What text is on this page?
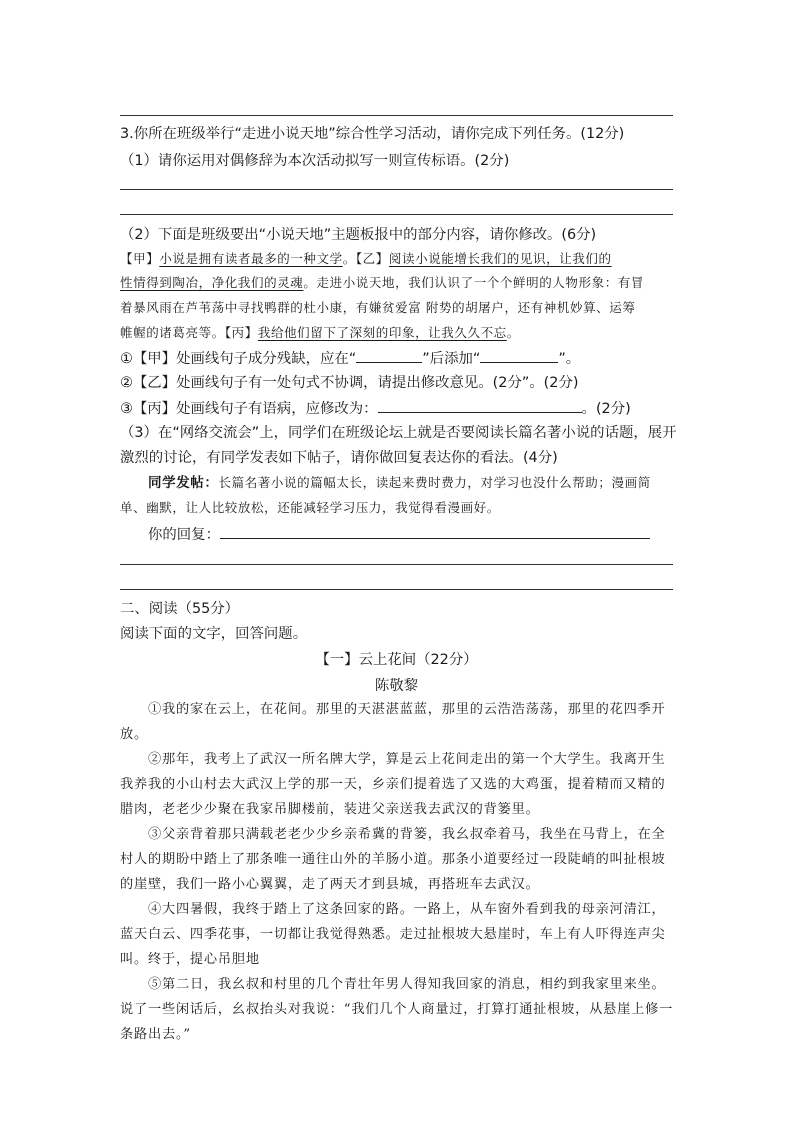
3.你所在班级举行“走进小说天地”综合性学习活动，请你完成下列任务。(12分)
（1）请你运用对偶修辞为本次活动拟写一则宣传标语。(2分)
（2）下面是班级要出“小说天地”主题板报中的部分内容，请你修改。(6分)
【甲】小说是拥有读者最多的一种文学。【乙】阅读小说能增长我们的见识，让我们的
性情得到陶冶，净化我们的灵魂。走进小说天地，我们认识了一个个鲜明的人物形象：有冒
着暴风雨在芦苇荡中寻找鸭群的杜小康，有嫌贫爱富 附势的胡屠户，还有神机妙算、运筹
帷幄的诸葛亮等。【丙】我给他们留下了深刻的印象，让我久久不忘。
①【甲】处画线句子成分残缺，应在“	”后添加“	”。
②【乙】处画线句子有一处句式不协调，请提出修改意见。(2分”。(2分)
③【丙】处画线句子有语病，应修改为：	。(2分)
（3）在“网络交流会”上，同学们在班级论坛上就是否要阅读长篇名著小说的话题，展开
激烈的讨论，有同学发表如下帖子，请你做回复表达你的看法。(4分)
同学发帖：长篇名著小说的篇幅太长，读起来费时费力，对学习也没什么帮助；漫画简
单、幽默，让人比较放松，还能减轻学习压力，我觉得看漫画好。
你的回复：
二、阅读（55分）
阅读下面的文字，回答问题。
【一】云上花间（22分）
陈敬黎

①我的家在云上，在花间。那里的天湛湛蓝蓝，那里的云浩浩荡荡，那里的花四季开放。

②那年，我考上了武汉一所名牌大学，算是云上花间走出的第一个大学生。我离开生我养我的小山村去大武汉上学的那一天，乡亲们提着选了又选的大鸡蛋，提着精而又精的腊肉，老老少少聚在我家吊脚楼前，装进父亲送我去武汉的背篓里。

③父亲背着那只满载老老少少乡亲希冀的背篓，我幺叔牵着马，我坐在马背上，在全村人的期盼中踏上了那条唯一通往山外的羊肠小道。那条小道要经过一段陡峭的叫扯根坡的崖壁，我们一路小心翼翼，走了两天才到县城，再搭班车去武汉。

④大四暑假，我终于踏上了这条回家的路。一路上，从车窗外看到我的母亲河清江，蓝天白云、四季花事，一切都让我觉得熟悉。走过扯根坡大悬崖时，车上有人吓得连声尖叫。终于，提心吊胆地

⑤第二日，我幺叔和村里的几个青壮年男人得知我回家的消息，相约到我家里来坐。说了一些闲话后，幺叔抬头对我说：“我们几个人商量过，打算打通扯根坡，从悬崖上修一条路出去。”
